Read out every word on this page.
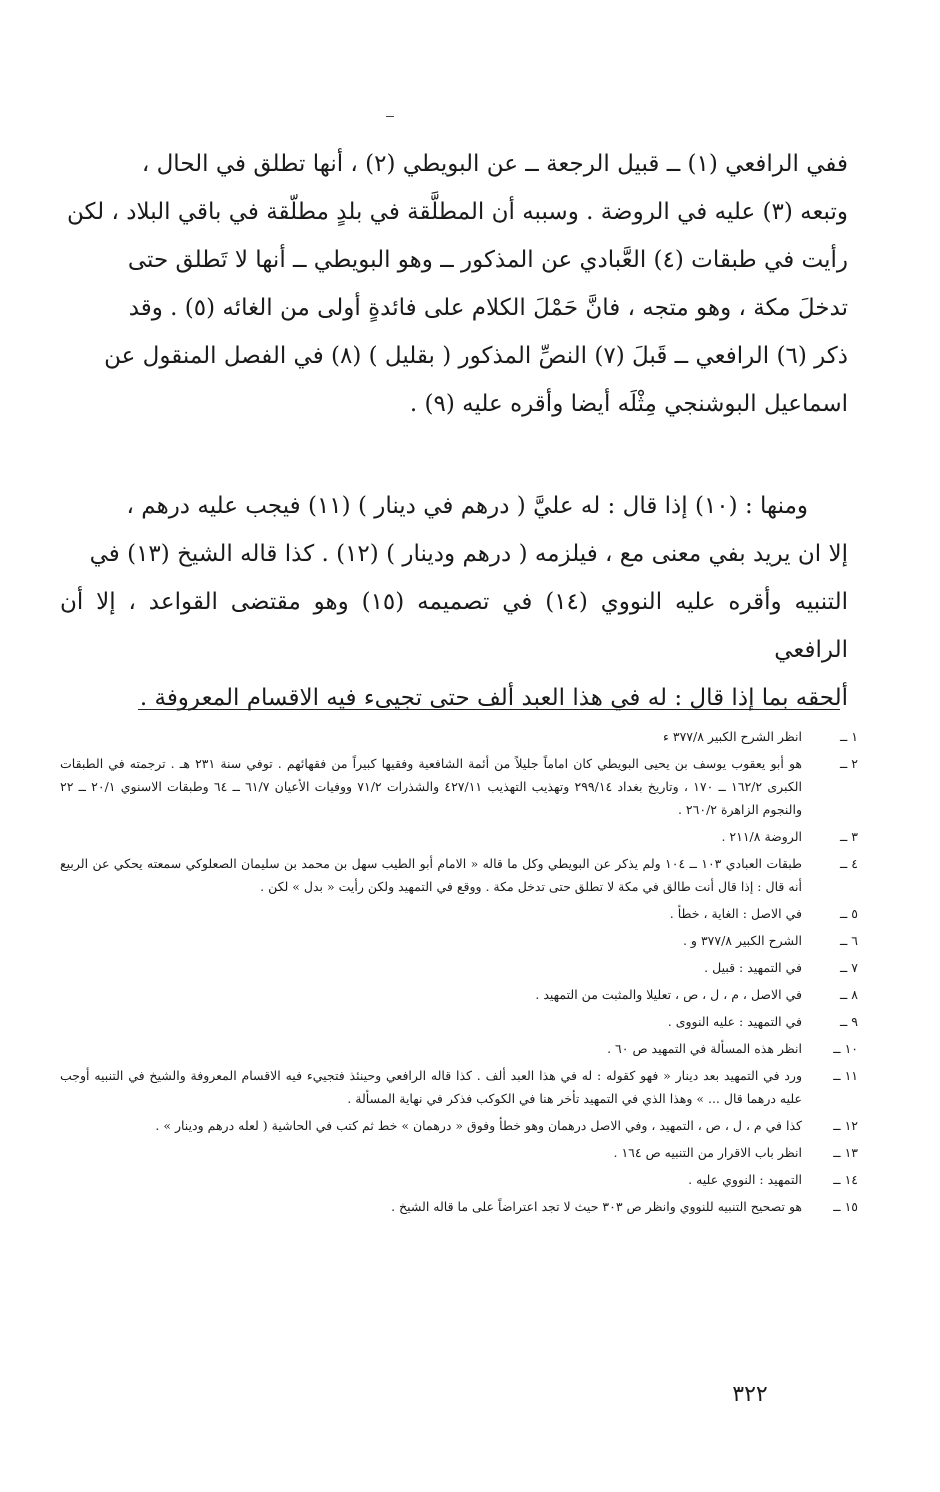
ففي الرافعي (١) ــ قبيل الرجعة ــ عن البويطي (٢) ، أنها تطلق في الحال ،

وتبعه (٣) عليه في الروضة . وسببه أن المطلَّقة في بلدٍ مطلّقة في باقي البلاد ، لكن

رأيت في طبقات (٤) العَّبادي عن المذكور ــ وهو البويطي ــ أنها لا تَطلق حتى

تدخلَ مكة ، وهو متجه ، فانَّ حَمْلَ الكلام على فائدةٍ أولى من الغائه (٥) . وقد

ذكر (٦) الرافعي ــ قَبلَ (٧) النصِّ المذكور ( بقليل ) (٨) في الفصل المنقول عن

اسماعيل البوشنجي مِثْلَه أيضا وأقره عليه (٩) .

ومنها : (١٠) إذا قال : له عليَّ ( درهم في دينار ) (١١) فيجب عليه درهم ،

إلا ان يريد بفي معنى مع ، فيلزمه ( درهم ودينار ) (١٢) . كذا قاله الشيخ (١٣) في

التنبيه وأقره عليه النووي (١٤) في تصميمه (١٥) وهو مقتضى القواعد ، إلا أن الرافعي

ألحقه بما إذا قال : له في هذا العبد ألف حتى تجيىء فيه الاقسام المعروفة .

١ ــ
انظر الشرح الكبير ٣٧٧/٨ ء
٢ ــ
هو أبو يعقوب يوسف بن يحيى البويطي كان اماماً جليلاً من أئمة الشافعية وفقيها كبيراً من فقهائهم . توفي سنة ٢٣١ هـ . ترجمته في الطبقات الكبرى ١٦٢/٢ ــ ١٧٠ ، وتاريخ بغداد ٢٩٩/١٤ وتهذيب التهذيب ٤٢٧/١١ والشذرات ٧١/٢ ووفيات الأعيان ٦١/٧ ــ ٦٤ وطبقات الاسنوي ٢٠/١ ــ ٢٢ والنجوم الزاهرة ٢٦٠/٢ .
٣ ــ
الروضة ٢١١/٨ .
٤ ــ
طبقات العبادي ١٠٣ ــ ١٠٤ ولم يذكر عن البويطي وكل ما قاله « الامام أبو الطيب سهل بن محمد بن سليمان الصعلوكي سمعته يحكي عن الربيع أنه قال : إذا قال أنت طالق في مكة لا تطلق حتى تدخل مكة . ووقع في التمهيد ولكن رأيت « بدل » لكن .
٥ ــ
في الاصل : الغاية ، خطأ .
٦ ــ
الشرح الكبير ٣٧٧/٨ و .
٧ ــ
في التمهيد : قبيل .
٨ ــ
في الاصل ، م ، ل ، ص ، تعليلا والمثبت من التمهيد .
٩ ــ
في التمهيد : عليه النووى .
١٠ ــ
انظر هذه المسألة في التمهيد ص ٦٠ .
١١ ــ
ورد في التمهيد بعد دينار « فهو كقوله : له في هذا العبد ألف . كذا قاله الرافعي وحينئذ فتجييء فيه الاقسام المعروفة والشيخ في التنبيه أوجب عليه درهما قال ... » وهذا الذي في التمهيد تأخر هنا في الكوكب فذكر في نهاية المسألة .
١٢ ــ
كذا في م ، ل ، ص ، التمهيد ، وفي الاصل درهمان وهو خطأ وفوق « درهمان » خط ثم كتب في الحاشية ( لعله درهم ودينار » .
١٣ ــ
انظر باب الاقرار من التنبيه ص ١٦٤ .
١٤ ــ
التمهيد : النووي عليه .
١٥ ــ
هو تصحيح التنبيه للنووي وانظر ص ٣٠٣ حيث لا تجد اعتراضاً على ما قاله الشيخ .
٣٢٢
